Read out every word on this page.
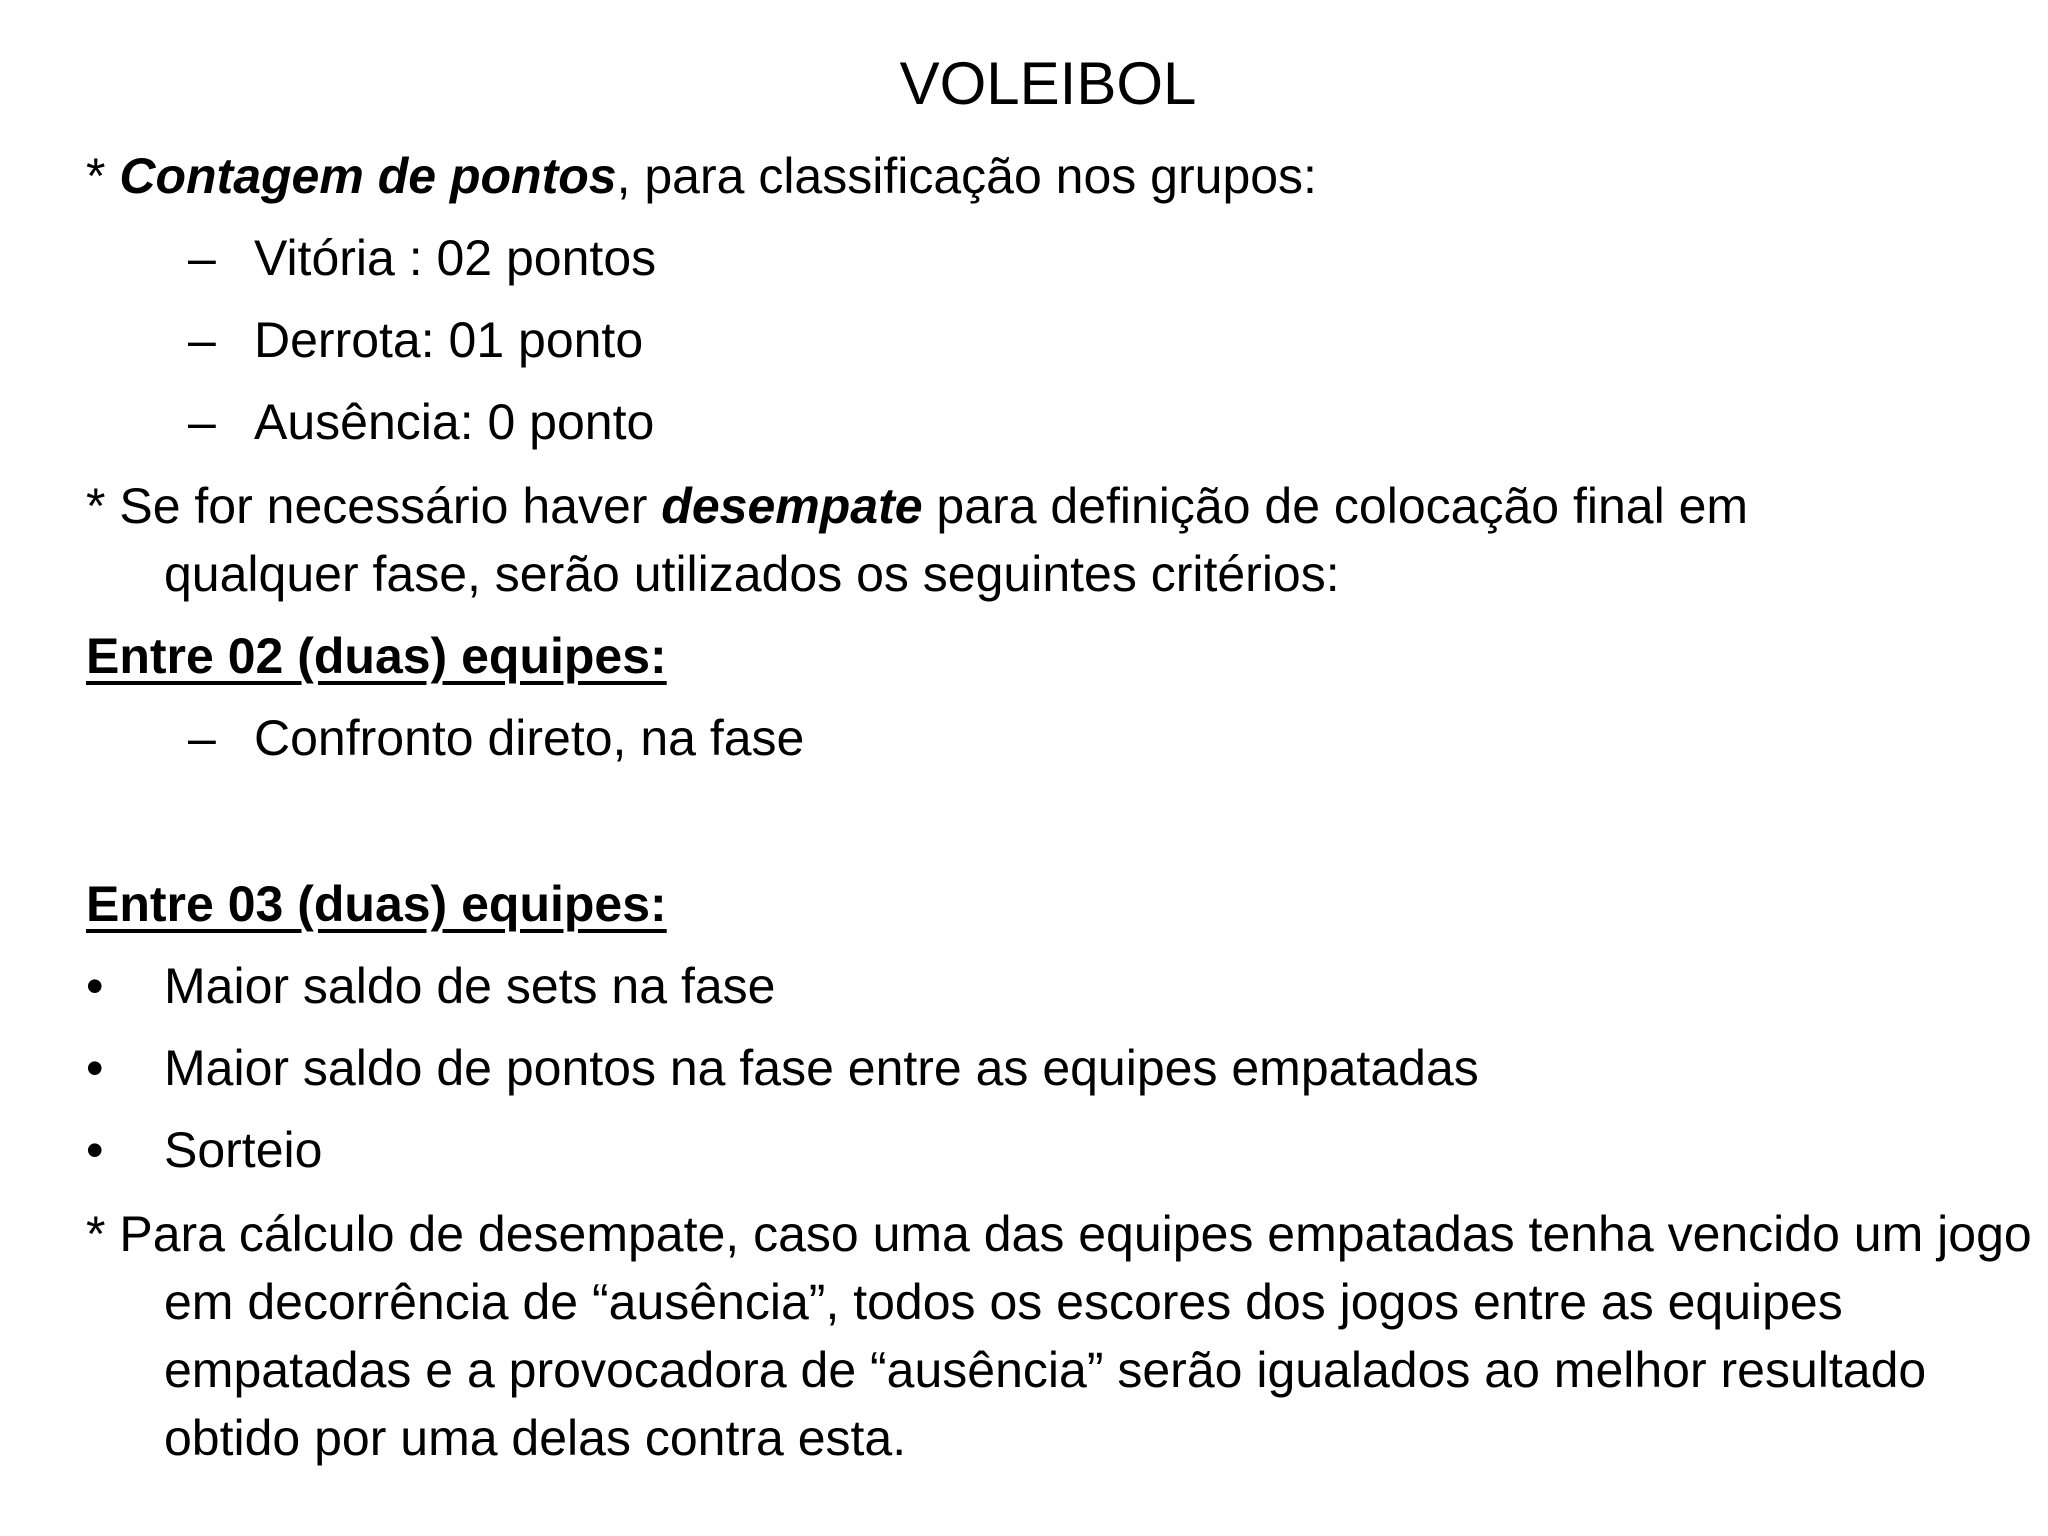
VOLEIBOL
* Contagem de pontos, para classificação nos grupos:
– Vitória : 02 pontos
– Derrota: 01 ponto
– Ausência: 0 ponto
* Se for necessário haver desempate para definição de colocação final em qualquer fase, serão utilizados os seguintes critérios:
Entre 02 (duas) equipes:
– Confronto direto, na fase
Entre 03 (duas) equipes:
• Maior saldo de sets na fase
• Maior saldo de pontos na fase entre as equipes empatadas
• Sorteio
* Para cálculo de desempate, caso uma das equipes empatadas tenha vencido um jogo em decorrência de “ausência”, todos os escores dos jogos entre as equipes empatadas e a provocadora de “ausência” serão igualados ao melhor resultado obtido por uma delas contra esta.
